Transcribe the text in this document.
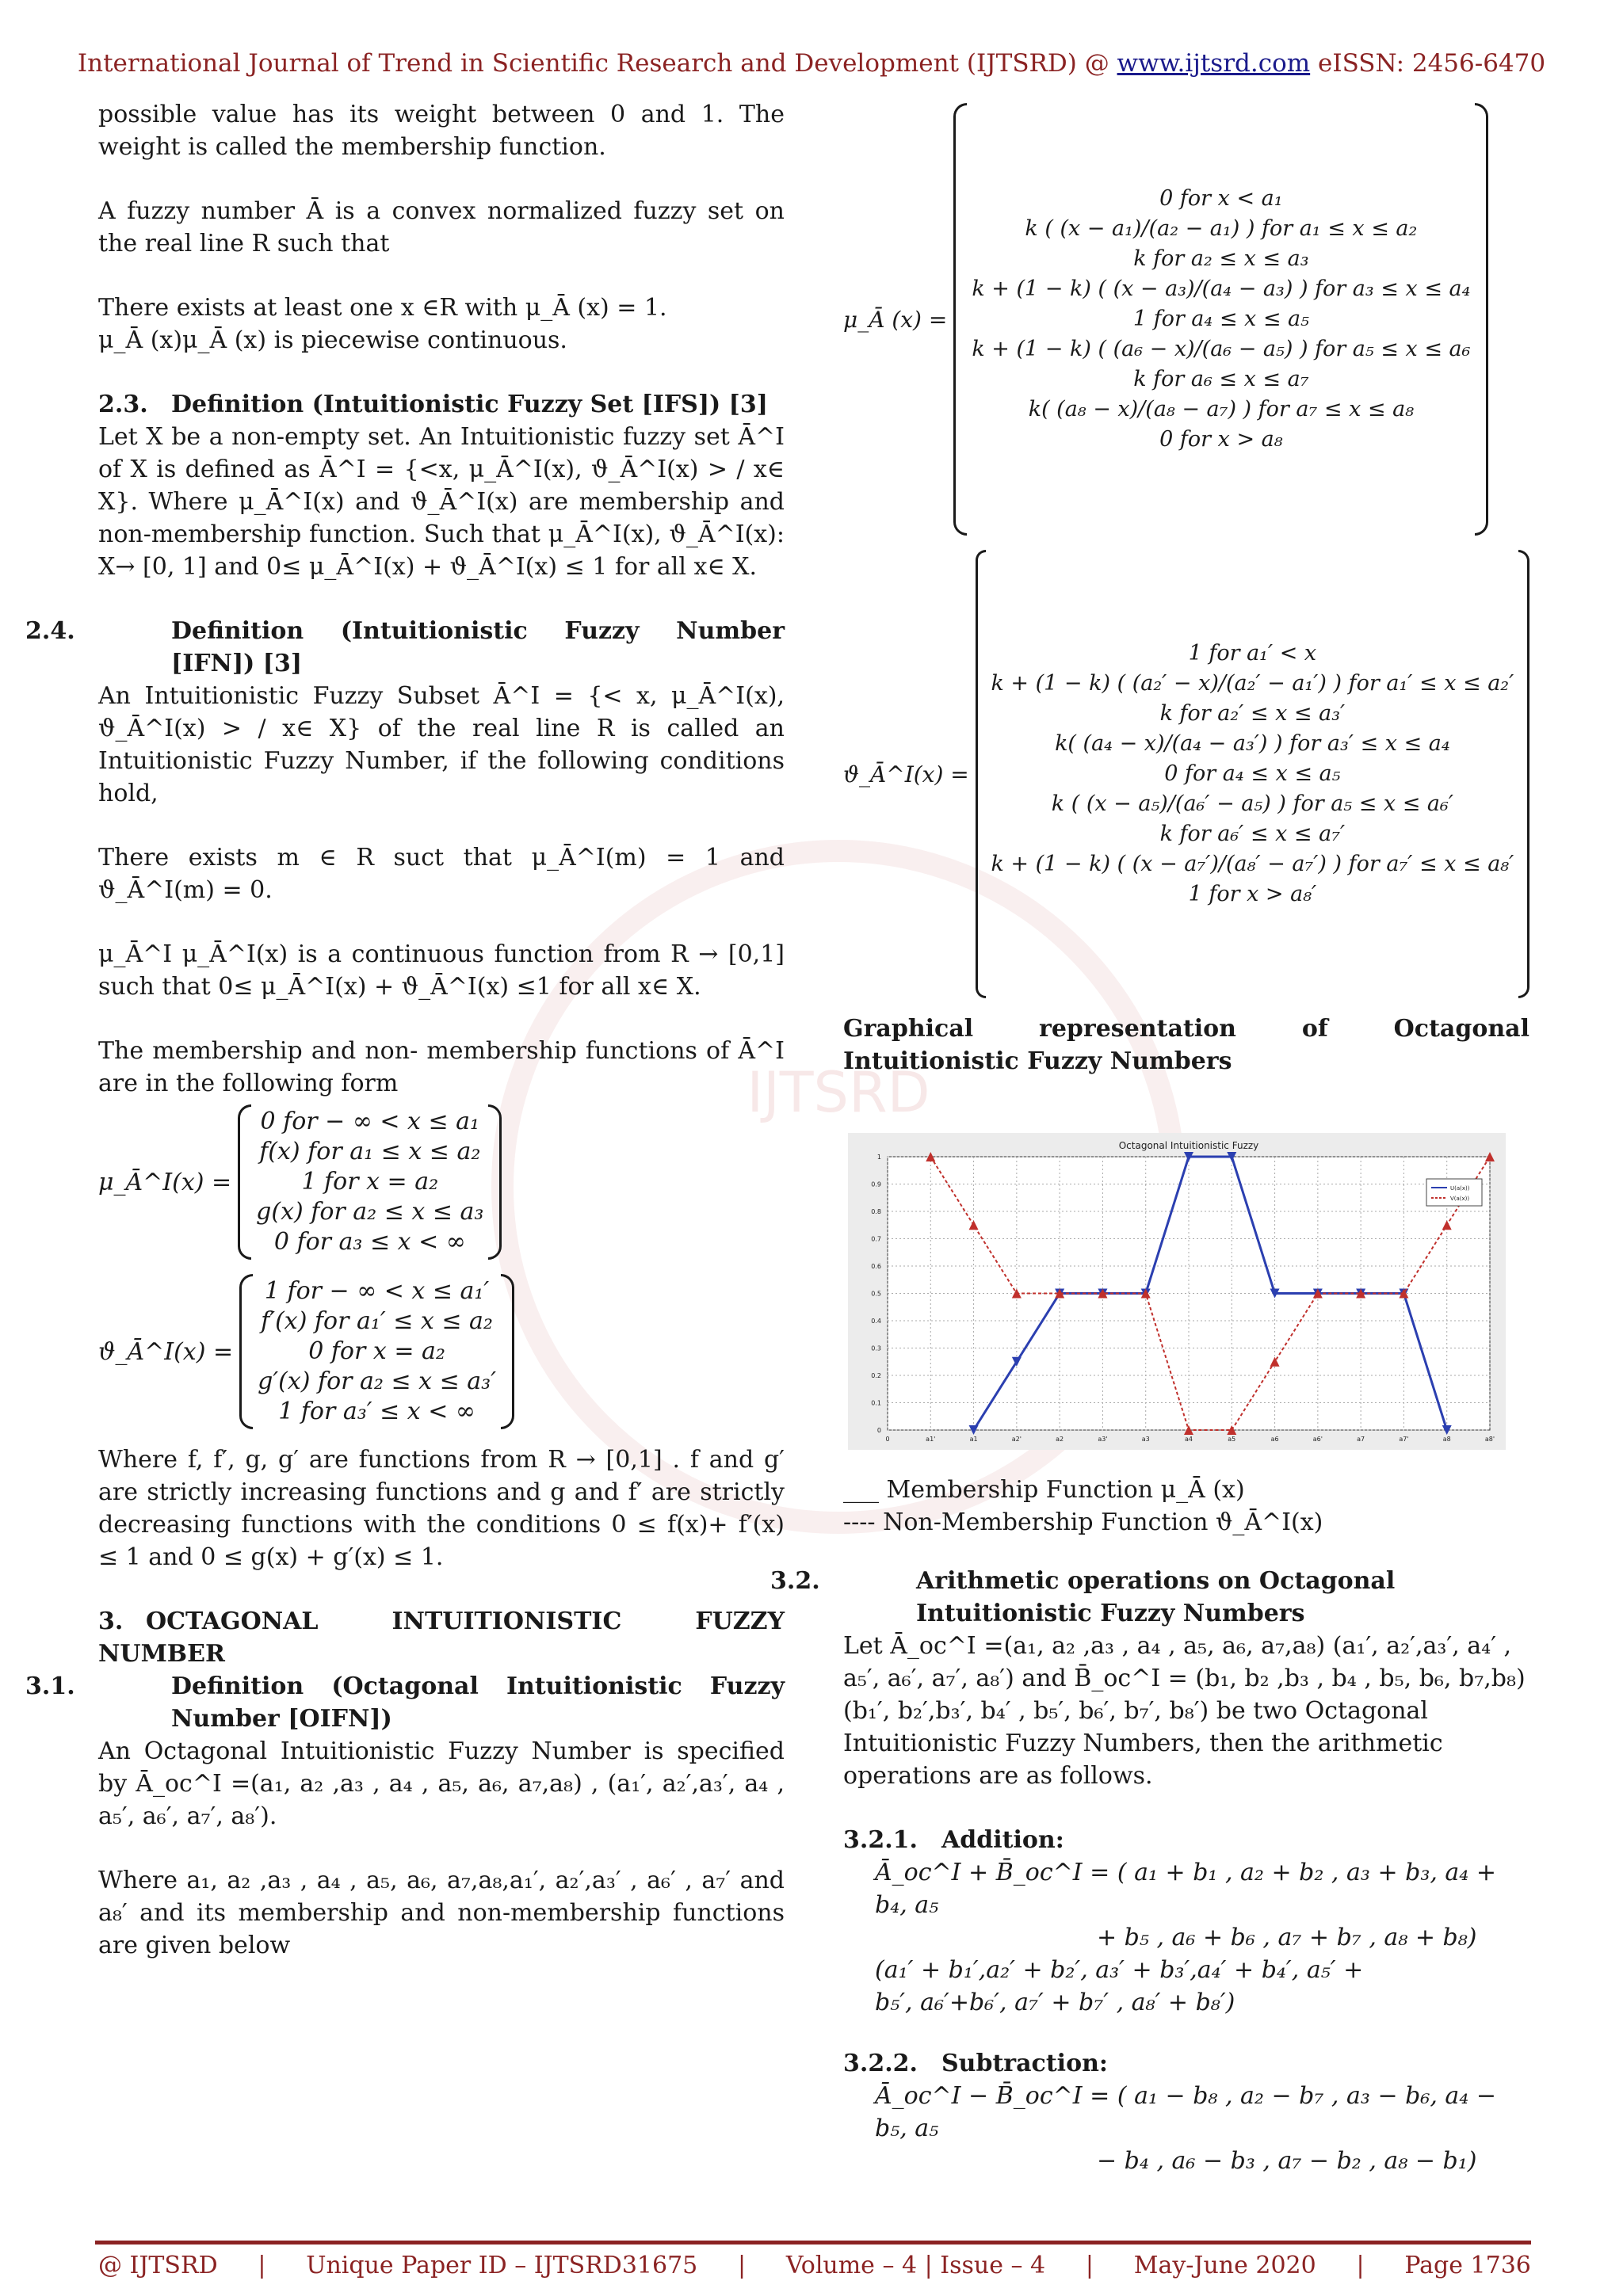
International Journal of Trend in Scientific Research and Development (IJTSRD) @ www.ijtsrd.com eISSN: 2456-6470
IJTSRD

possible value has its weight between 0 and 1. The weight is called the membership function.

A fuzzy number Ā is a convex normalized fuzzy set on the real line R such that

There exists at least one x ∈R with μ_Ā (x) = 1.

μ_Ā (x)μ_Ā (x) is piecewise continuous.

2.3. Definition (Intuitionistic Fuzzy Set [IFS]) [3]

Let X be a non-empty set. An Intuitionistic fuzzy set Ā^I of X is defined as Ā^I = {<x, μ_Ā^I(x), ϑ_Ā^I(x) > / x∈ X}. Where μ_Ā^I(x) and ϑ_Ā^I(x) are membership and non-membership function. Such that μ_Ā^I(x), ϑ_Ā^I(x): X→ [0, 1] and 0≤ μ_Ā^I(x) + ϑ_Ā^I(x) ≤ 1 for all x∈ X.

2.4.	Definition (Intuitionistic Fuzzy Number [IFN]) [3]

An Intuitionistic Fuzzy Subset Ā^I = {< x, μ_Ā^I(x), ϑ_Ā^I(x) > / x∈ X} of the real line R is called an Intuitionistic Fuzzy Number, if the following conditions hold,

There exists m ∈ R suct that μ_Ā^I(m) = 1 and ϑ_Ā^I(m) = 0.

μ_Ā^I μ_Ā^I(x) is a continuous function from R → [0,1] such that 0≤ μ_Ā^I(x) + ϑ_Ā^I(x) ≤1 for all x∈ X.

The membership and non- membership functions of Ā^I are in the following form
μ_Ā^I(x) =
0 for − ∞ < x ≤ a₁
f(x) for a₁ ≤ x ≤ a₂
1 for x = a₂
g(x) for a₂ ≤ x ≤ a₃
0 for a₃ ≤ x < ∞
ϑ_Ā^I(x) =
1 for − ∞ < x ≤ a₁′
f′(x) for a₁′ ≤ x ≤ a₂
0 for x = a₂
g′(x) for a₂ ≤ x ≤ a₃′
1 for a₃′ ≤ x < ∞

Where f, f′, g, g′ are functions from R → [0,1] . f and g′ are strictly increasing functions and g and f′ are strictly decreasing functions with the conditions 0 ≤ f(x)+ f′(x) ≤ 1 and 0 ≤ g(x) + g′(x) ≤ 1.

3. OCTAGONAL INTUITIONISTIC FUZZY NUMBER
3.1.	Definition (Octagonal Intuitionistic Fuzzy Number [OIFN])

An Octagonal Intuitionistic Fuzzy Number is specified by Ā_oc^I =(a₁, a₂ ,a₃ , a₄ , a₅, a₆, a₇,a₈) , (a₁′, a₂′,a₃′, a₄ , a₅′, a₆′, a₇′, a₈′).

Where a₁, a₂ ,a₃ , a₄ , a₅, a₆, a₇,a₈,a₁′, a₂′,a₃′ , a₆′ , a₇′ and a₈′ and its membership and non-membership functions are given below

μ_Ā (x) =
0 for x < a₁
k ( (x − a₁)/(a₂ − a₁) ) for a₁ ≤ x ≤ a₂
k for a₂ ≤ x ≤ a₃
k + (1 − k) ( (x − a₃)/(a₄ − a₃) ) for a₃ ≤ x ≤ a₄
1 for a₄ ≤ x ≤ a₅
k + (1 − k) ( (a₆ − x)/(a₆ − a₅) ) for a₅ ≤ x ≤ a₆
k for a₆ ≤ x ≤ a₇
k( (a₈ − x)/(a₈ − a₇) ) for a₇ ≤ x ≤ a₈
0 for x > a₈
ϑ_Ā^I(x) =
1 for a₁′ < x
k + (1 − k) ( (a₂′ − x)/(a₂′ − a₁′) ) for a₁′ ≤ x ≤ a₂′
k for a₂′ ≤ x ≤ a₃′
k( (a₄ − x)/(a₄ − a₃′) ) for a₃′ ≤ x ≤ a₄
0 for a₄ ≤ x ≤ a₅
k ( (x − a₅)/(a₆′ − a₅) ) for a₅ ≤ x ≤ a₆′
k for a₆′ ≤ x ≤ a₇′
k + (1 − k) ( (x − a₇′)/(a₈′ − a₇′) ) for a₇′ ≤ x ≤ a₈′
1 for x > a₈′
Graphical representation of Octagonal Intuitionistic Fuzzy Numbers
Octagonal Intuitionistic Fuzzy
0
0.1
0.2
0.3
0.4
0.5
0.6
0.7
0.8
0.9
1
0	a1'	a1	a2'	a2	a3'	a3	a4	a5	a6	a6'	a7	a7'	a8	a8'
U(a(x))
V(a(x))
___ Membership Function μ_Ā (x)
---- Non-Membership Function ϑ_Ā^I(x)
3.2.	Arithmetic operations on Octagonal Intuitionistic Fuzzy Numbers

Let Ā_oc^I =(a₁, a₂ ,a₃ , a₄ , a₅, a₆, a₇,a₈) (a₁′, a₂′,a₃′, a₄′ , a₅′, a₆′, a₇′, a₈′) and B̄_oc^I = (b₁, b₂ ,b₃ , b₄ , b₅, b₆, b₇,b₈) (b₁′, b₂′,b₃′, b₄′ , b₅′, b₆′, b₇′, b₈′) be two Octagonal Intuitionistic Fuzzy Numbers, then the arithmetic operations are as follows.

3.2.1. Addition:
Ā_oc^I + B̄_oc^I = ( a₁ + b₁ , a₂ + b₂ , a₃ + b₃, a₄ + b₄, a₅
+ b₅ , a₆ + b₆ , a₇ + b₇ , a₈ + b₈)
(a₁′ + b₁′,a₂′ + b₂′, a₃′ + b₃′,a₄′ + b₄′, a₅′ +
b₅′, a₆′+b₆′, a₇′ + b₇′ , a₈′ + b₈′)
3.2.2. Subtraction:
Ā_oc^I − B̄_oc^I = ( a₁ − b₈ , a₂ − b₇ , a₃ − b₆, a₄ − b₅, a₅
− b₄ , a₆ − b₃ , a₇ − b₂ , a₈ − b₁)
@ IJTSRD | Unique Paper ID – IJTSRD31675 | Volume – 4 | Issue – 4 | May-June 2020 | Page 1736
